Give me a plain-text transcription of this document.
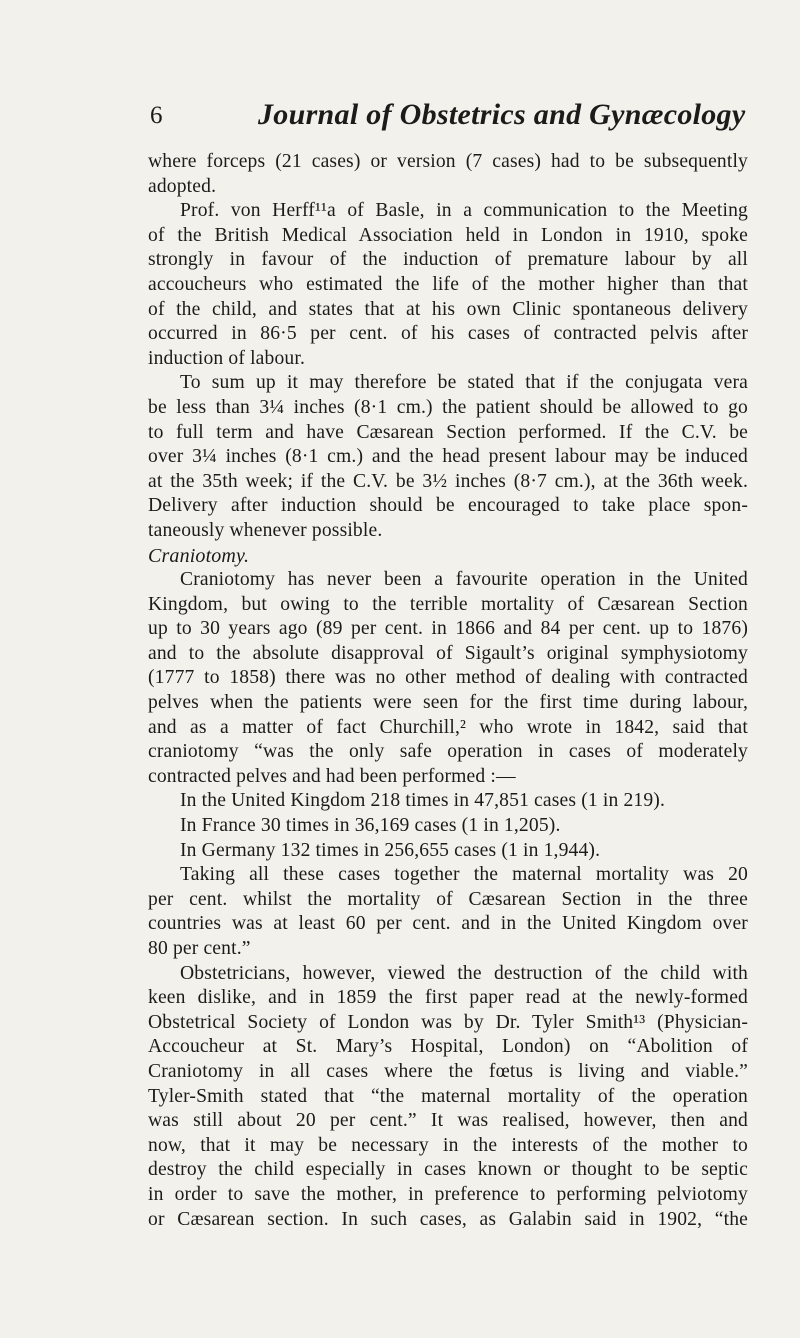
6	Journal of Obstetrics and Gynæcology

where forceps (21 cases) or version (7 cases) had to be subsequently

adopted.

Prof. von Herff¹¹a of Basle, in a communication to the Meeting

of the British Medical Association held in London in 1910, spoke

strongly in favour of the induction of premature labour by all

accoucheurs who estimated the life of the mother higher than that

of the child, and states that at his own Clinic spontaneous delivery

occurred in 86·5 per cent. of his cases of contracted pelvis after

induction of labour.

To sum up it may therefore be stated that if the conjugata vera

be less than 3¼ inches (8·1 cm.) the patient should be allowed to go

to full term and have Cæsarean Section performed. If the C.V. be

over 3¼ inches (8·1 cm.) and the head present labour may be induced

at the 35th week; if the C.V. be 3½ inches (8·7 cm.), at the 36th week.

Delivery after induction should be encouraged to take place spon-

taneously whenever possible.

Craniotomy.

Craniotomy has never been a favourite operation in the United

Kingdom, but owing to the terrible mortality of Cæsarean Section

up to 30 years ago (89 per cent. in 1866 and 84 per cent. up to 1876)

and to the absolute disapproval of Sigault’s original symphysiotomy

(1777 to 1858) there was no other method of dealing with contracted

pelves when the patients were seen for the first time during labour,

and as a matter of fact Churchill,² who wrote in 1842, said that

craniotomy “was the only safe operation in cases of moderately

contracted pelves and had been performed :—

In the United Kingdom 218 times in 47,851 cases (1 in 219).

In France 30 times in 36,169 cases (1 in 1,205).

In Germany 132 times in 256,655 cases (1 in 1,944).

Taking all these cases together the maternal mortality was 20

per cent. whilst the mortality of Cæsarean Section in the three

countries was at least 60 per cent. and in the United Kingdom over

80 per cent.”

Obstetricians, however, viewed the destruction of the child with

keen dislike, and in 1859 the first paper read at the newly-formed

Obstetrical Society of London was by Dr. Tyler Smith¹³ (Physician-

Accoucheur at St. Mary’s Hospital, London) on “Abolition of

Craniotomy in all cases where the fœtus is living and viable.”

Tyler-Smith stated that “the maternal mortality of the operation

was still about 20 per cent.” It was realised, however, then and

now, that it may be necessary in the interests of the mother to

destroy the child especially in cases known or thought to be septic

in order to save the mother, in preference to performing pelviotomy

or Cæsarean section. In such cases, as Galabin said in 1902, “the
